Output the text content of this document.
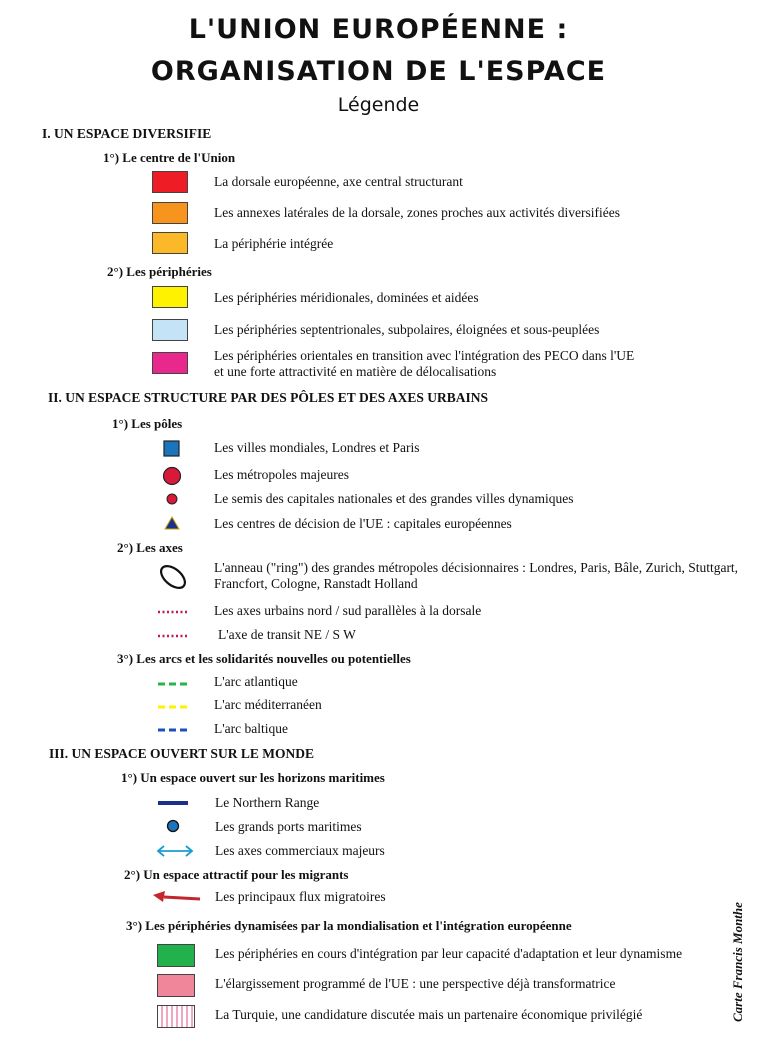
L'UNION EUROPÉENNE :
ORGANISATION DE L'ESPACE
Légende
I. UN ESPACE DIVERSIFIE
1°) Le centre de l'Union
La dorsale européenne, axe central structurant
Les annexes latérales de la dorsale, zones proches aux activités diversifiées
La périphérie intégrée
2°) Les périphéries
Les périphéries méridionales, dominées et aidées
Les périphéries septentrionales, subpolaires, éloignées et sous-peuplées
Les périphéries orientales en transition avec l'intégration des PECO dans l'UE
et une forte attractivité en matière de délocalisations
II. UN ESPACE STRUCTURE PAR DES PÔLES ET DES AXES URBAINS
1°) Les pôles
Les villes mondiales, Londres et Paris
Les métropoles majeures
Le semis des capitales nationales et des grandes villes dynamiques
Les centres de décision de l'UE : capitales européennes
2°) Les axes
L'anneau ("ring") des grandes métropoles décisionnaires : Londres, Paris, Bâle, Zurich, Stuttgart,
Francfort, Cologne, Ranstadt Holland
Les axes urbains nord / sud parallèles à la dorsale
L'axe de transit NE / S W
3°) Les arcs et les solidarités nouvelles ou potentielles
L'arc atlantique
L'arc méditerranéen
L'arc baltique
III. UN ESPACE OUVERT SUR LE MONDE
1°) Un espace ouvert sur les horizons maritimes
Le Northern Range
Les grands ports maritimes
Les axes commerciaux majeurs
2°) Un espace attractif pour les migrants
Les principaux flux migratoires
3°) Les périphéries dynamisées par la mondialisation et l'intégration européenne
Les périphéries en cours d'intégration par leur capacité d'adaptation et leur dynamisme
L'élargissement programmé de l'UE : une perspective déjà transformatrice
La Turquie, une candidature discutée mais un partenaire économique privilégié	Carte Francis Monthe
